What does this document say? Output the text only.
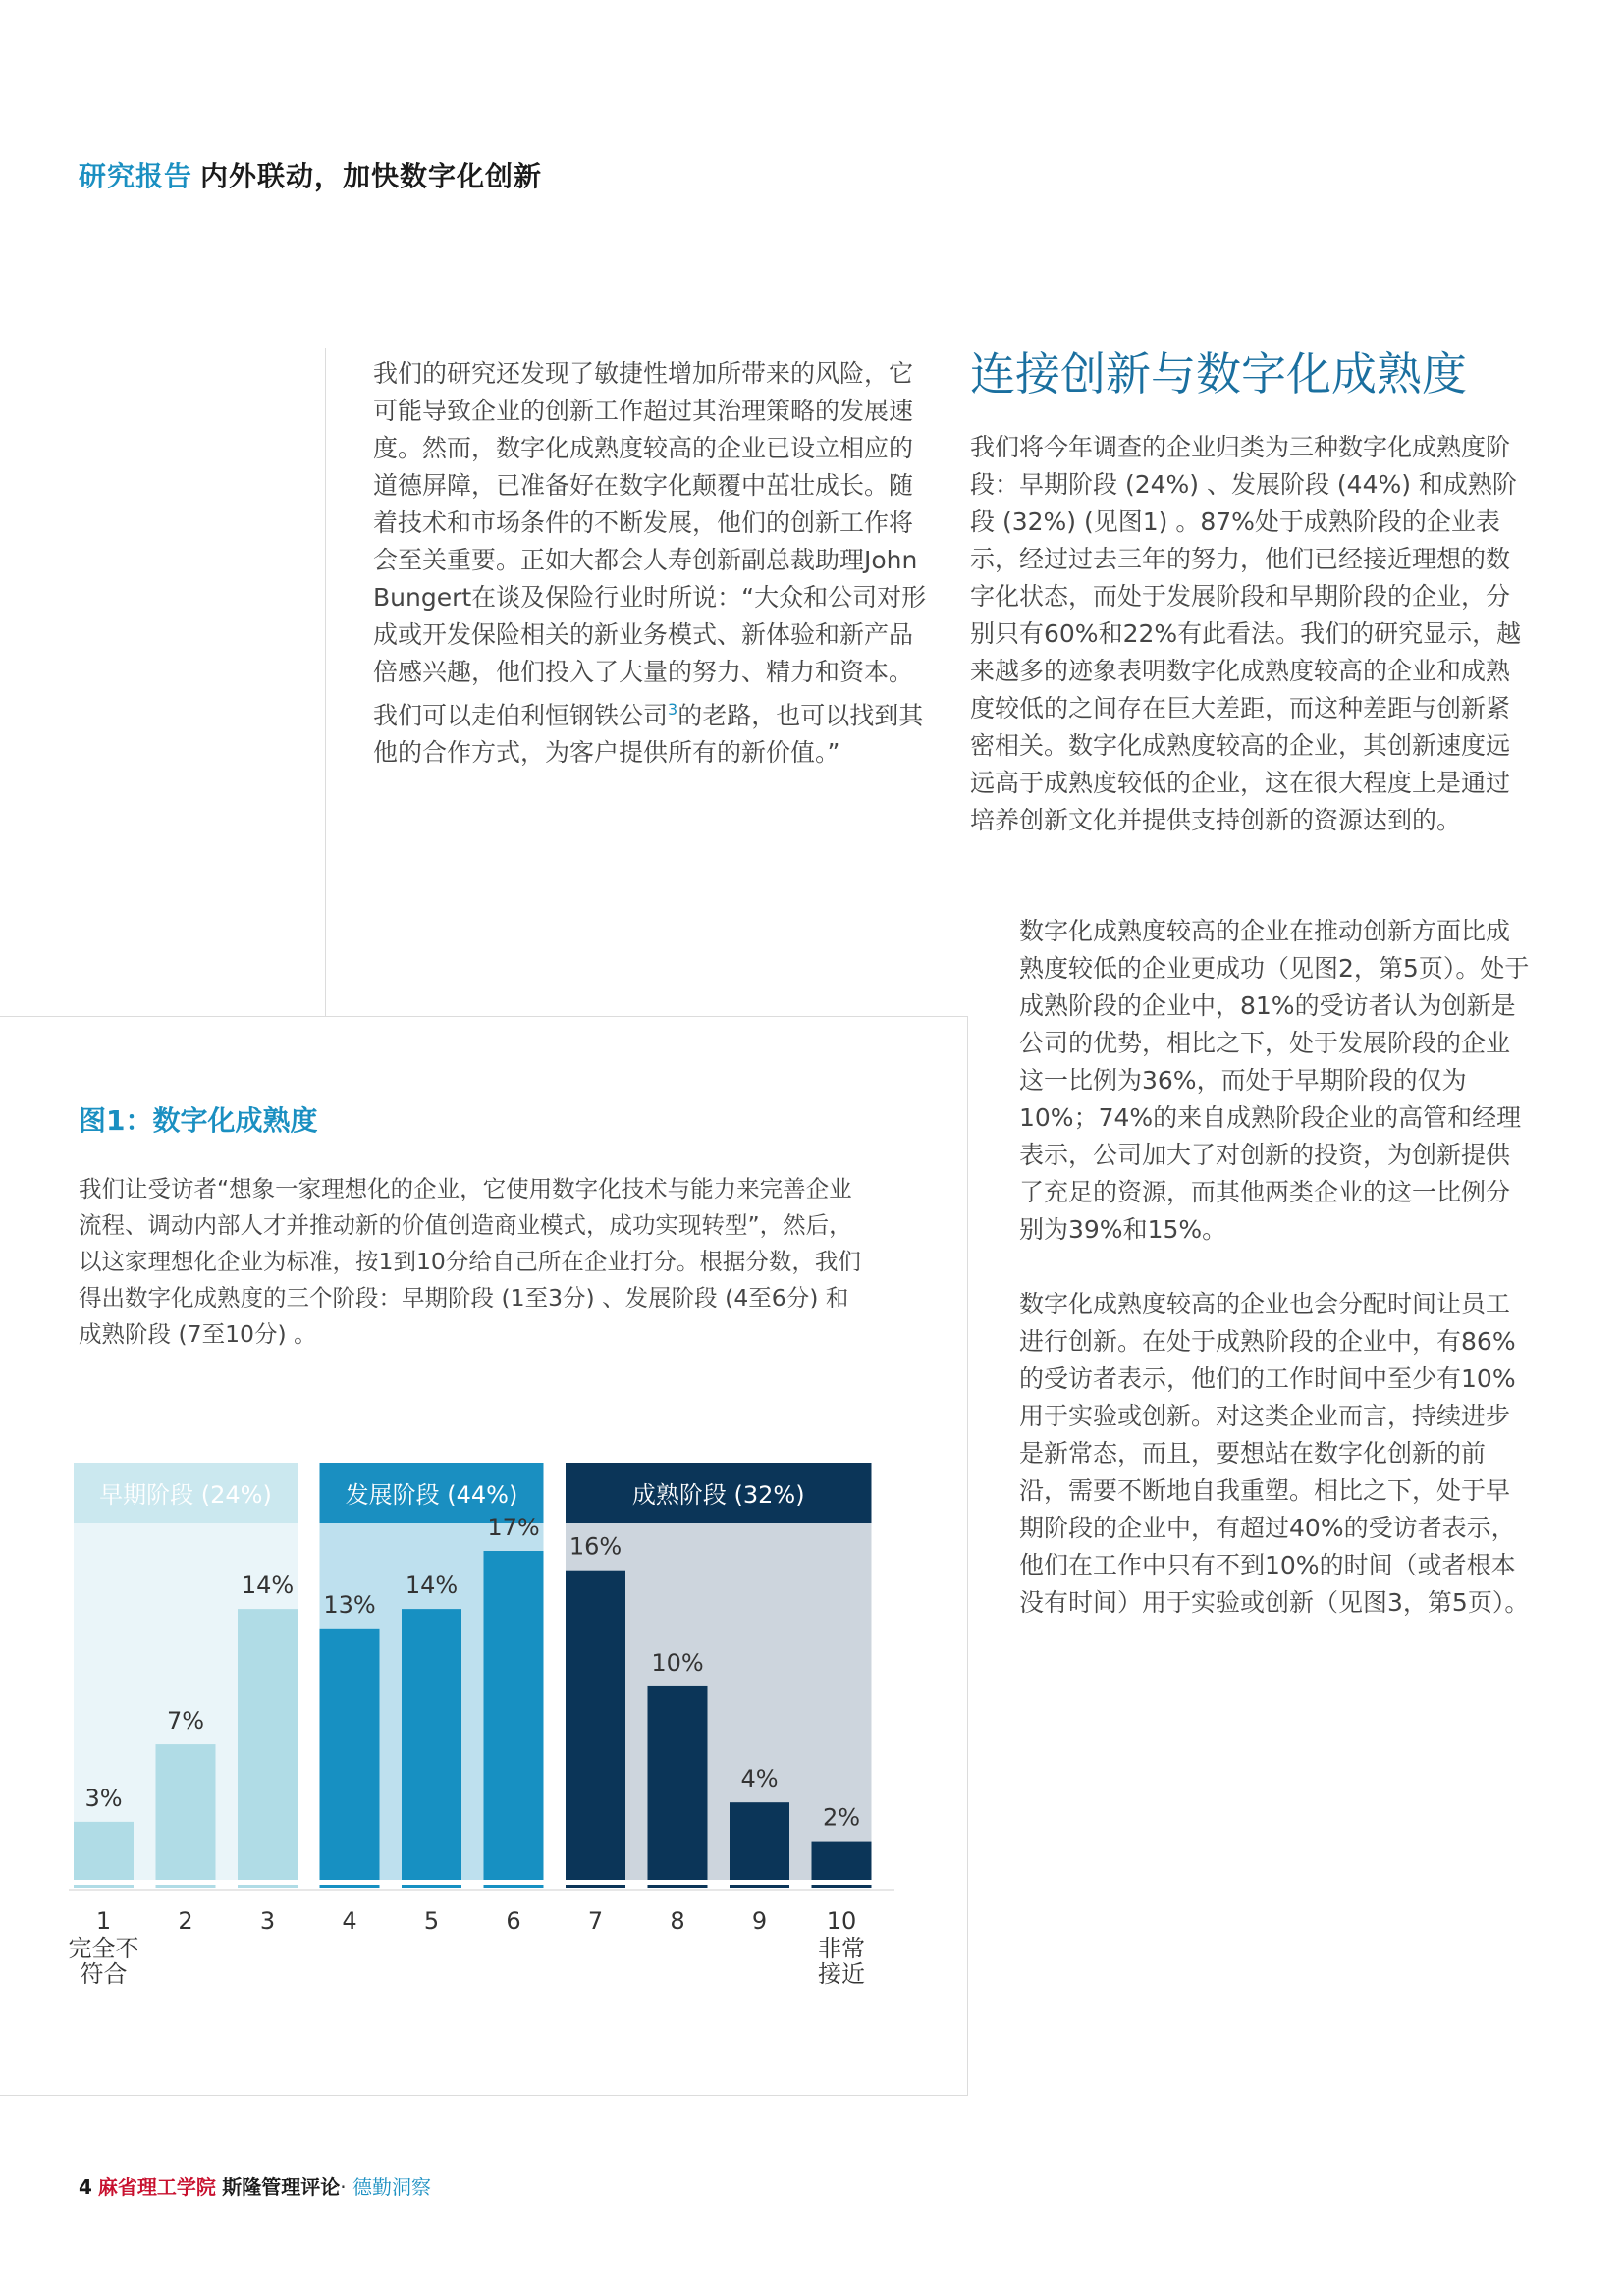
研究报告 内外联动，加快数字化创新

我们的研究还发现了敏捷性增加所带来的风险，它可能导致企业的创新工作超过其治理策略的发展速度。然而，数字化成熟度较高的企业已设立相应的道德屏障，已准备好在数字化颠覆中茁壮成长。随着技术和市场条件的不断发展，他们的创新工作将会至关重要。正如大都会人寿创新副总裁助理John Bungert在谈及保险行业时所说：“大众和公司对形成或开发保险相关的新业务模式、新体验和新产品倍感兴趣，他们投入了大量的努力、精力和资本。我们可以走伯利恒钢铁公司$^3$的老路，也可以找到其他的合作方式，为客户提供所有的新价值。”

连接创新与数字化成熟度

我们将今年调查的企业归类为三种数字化成熟度阶段：早期阶段 (24%) 、发展阶段 (44%) 和成熟阶段 (32%) (见图1) 。87%处于成熟阶段的企业表示，经过过去三年的努力，他们已经接近理想的数字化状态，而处于发展阶段和早期阶段的企业，分别只有60%和22%有此看法。我们的研究显示，越来越多的迹象表明数字化成熟度较高的企业和成熟度较低的之间存在巨大差距，而这种差距与创新紧密相关。数字化成熟度较高的企业，其创新速度远远高于成熟度较低的企业，这在很大程度上是通过培养创新文化并提供支持创新的资源达到的。

数字化成熟度较高的企业在推动创新方面比成熟度较低的企业更成功（见图2，第5页）。处于成熟阶段的企业中，81%的受访者认为创新是公司的优势，相比之下，处于发展阶段的企业这一比例为36%，而处于早期阶段的仅为10%；74%的来自成熟阶段企业的高管和经理表示，公司加大了对创新的投资，为创新提供了充足的资源，而其他两类企业的这一比例分别为39%和15%。

数字化成熟度较高的企业也会分配时间让员工进行创新。在处于成熟阶段的企业中，有86%的受访者表示，他们的工作时间中至少有10%用于实验或创新。对这类企业而言，持续进步是新常态，而且，要想站在数字化创新的前沿，需要不断地自我重塑。相比之下，处于早期阶段的企业中，有超过40%的受访者表示，他们在工作中只有不到10%的时间（或者根本没有时间）用于实验或创新（见图3，第5页）。

图1：数字化成熟度

我们让受访者“想象一家理想化的企业，它使用数字化技术与能力来完善企业流程、调动内部人才并推动新的价值创造商业模式，成功实现转型”，然后，以这家理想化企业为标准，按1到10分给自己所在企业打分。根据分数，我们得出数字化成熟度的三个阶段：早期阶段 (1至3分) 、发展阶段 (4至6分) 和成熟阶段 (7至10分) 。

早期阶段 (24%)	发展阶段 (44%)	成熟阶段 (32%)
3%
1
完全不
符合
7%
2
14%
3
13%
4
14%
5
17%
6
16%
7
10%
8
4%
9
2%
10
非常
接近
4 麻省理工学院 斯隆管理评论· 德勤洞察
